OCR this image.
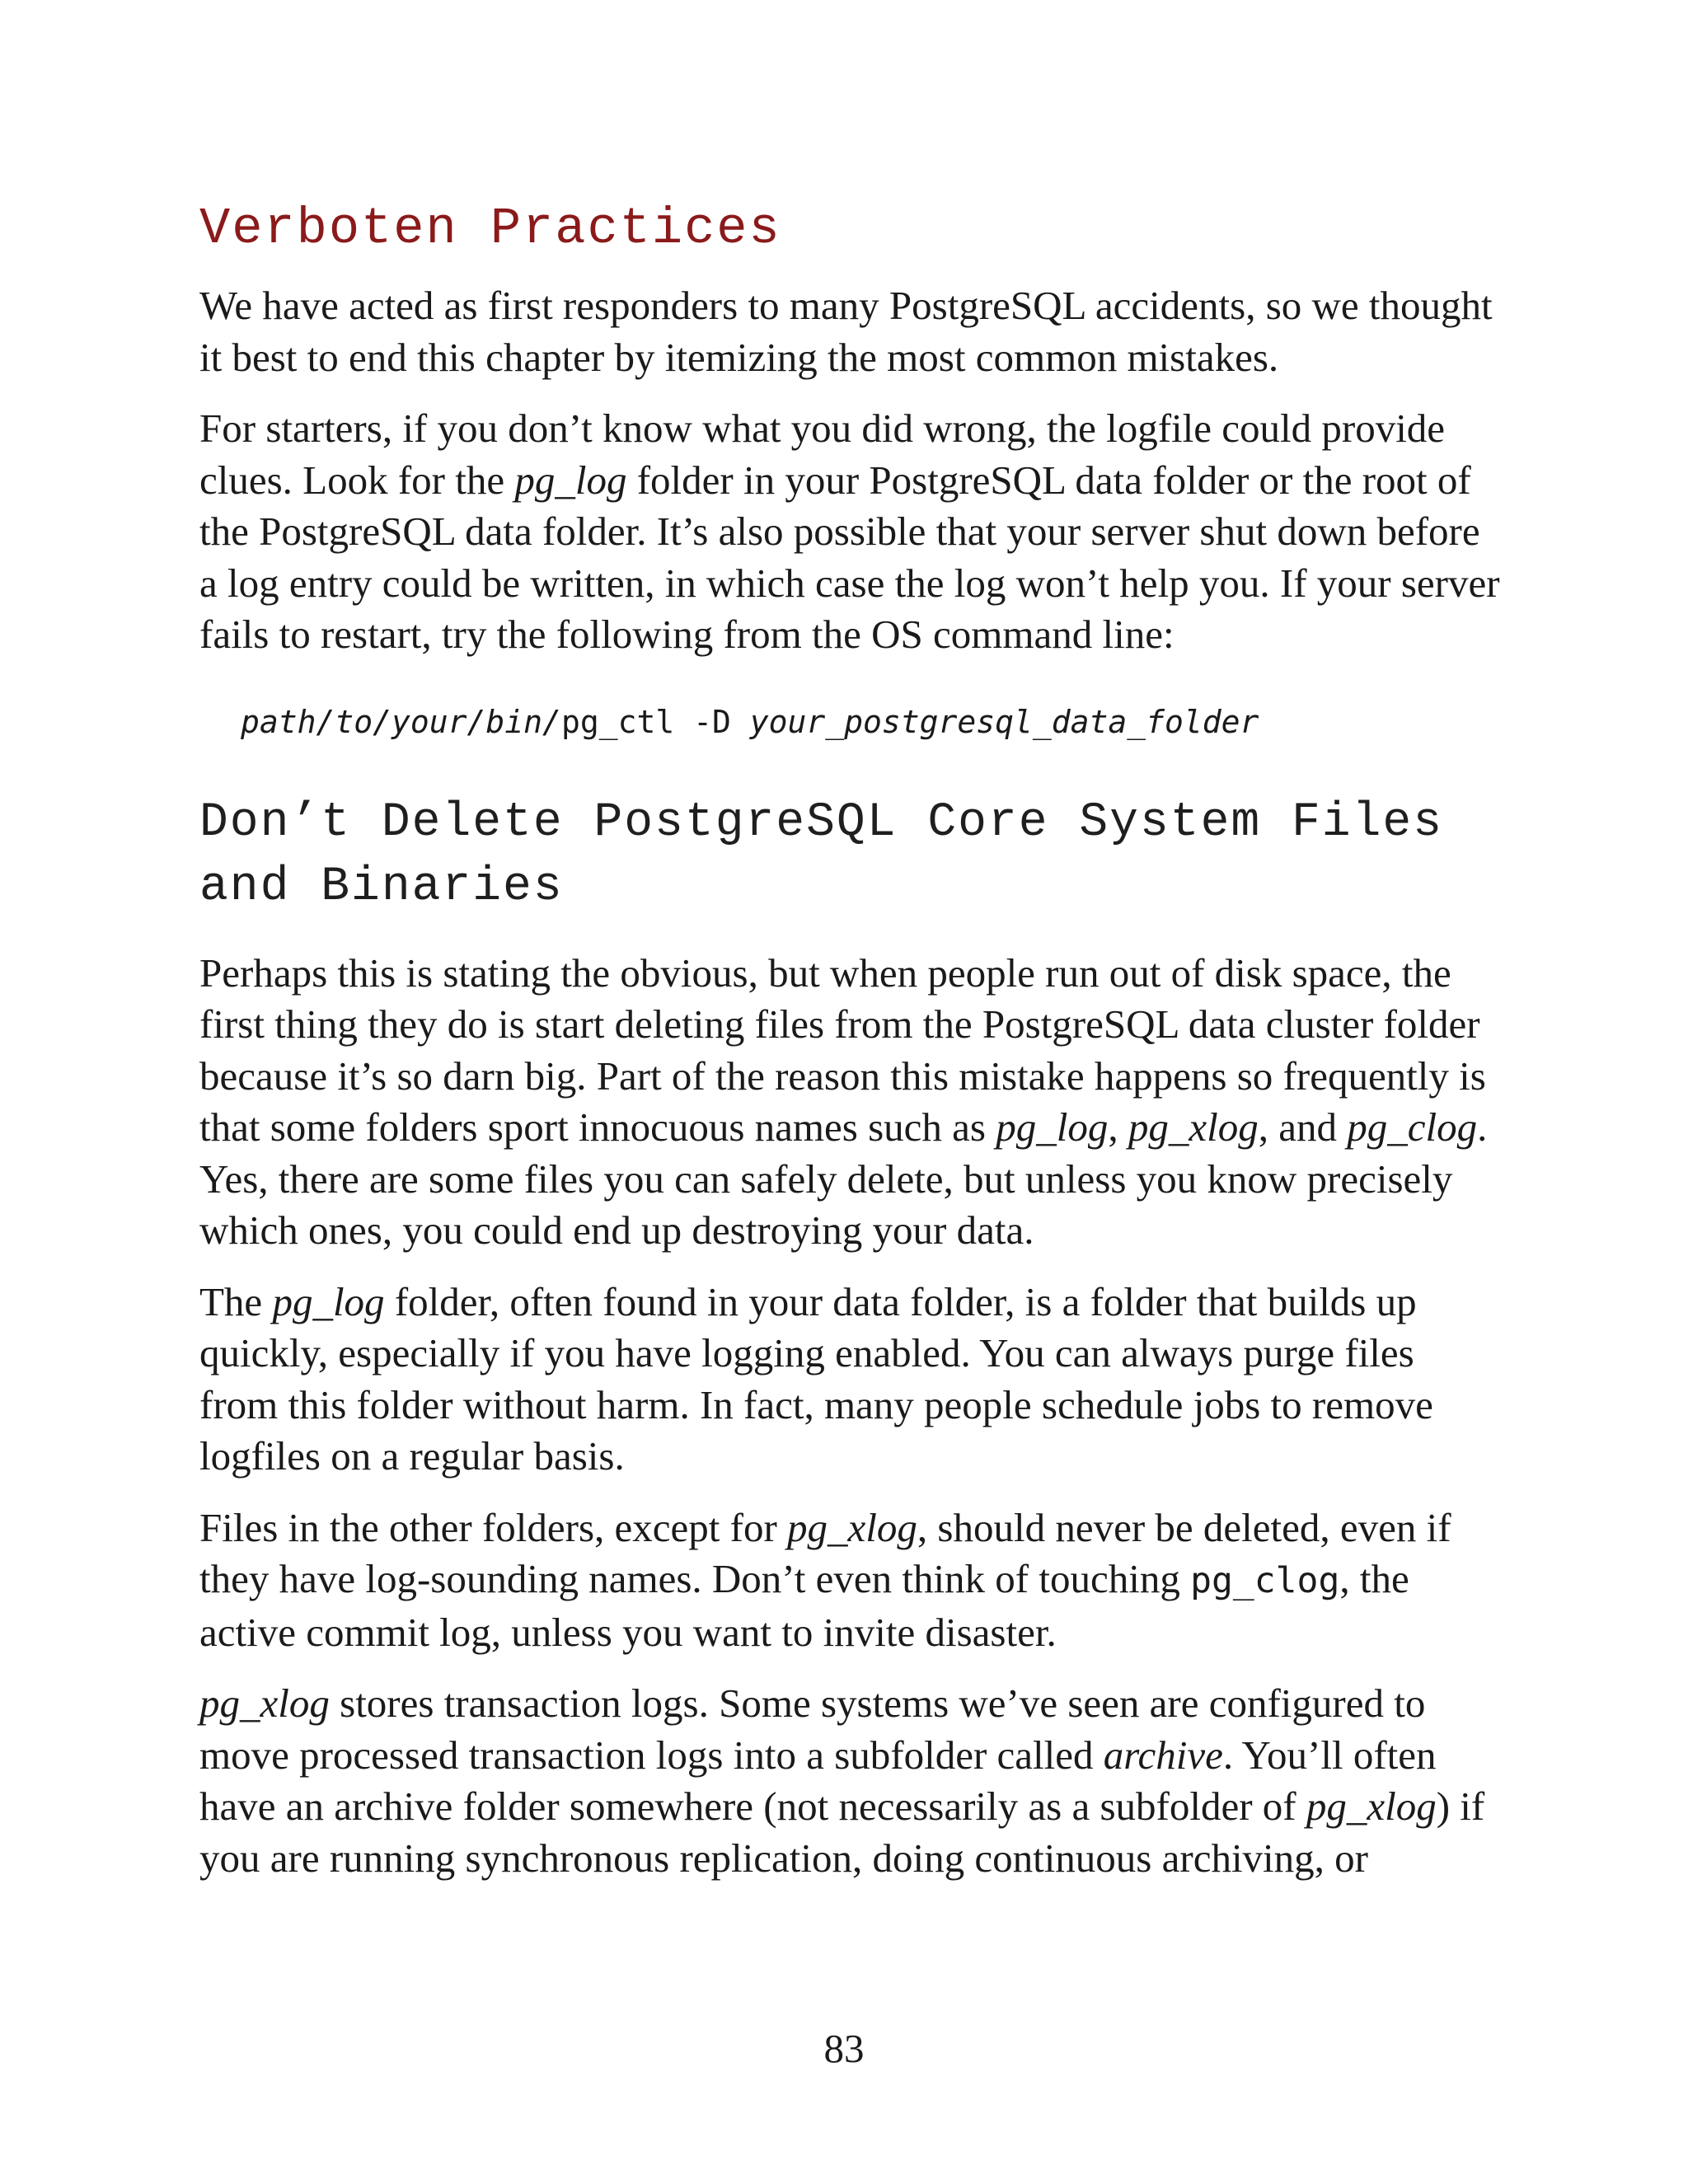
Verboten Practices

We have acted as first responders to many PostgreSQL accidents, so we thought it best to end this chapter by itemizing the most common mistakes.

For starters, if you don’t know what you did wrong, the logfile could provide clues. Look for the pg_log folder in your PostgreSQL data folder or the root of the PostgreSQL data folder. It’s also possible that your server shut down before a log entry could be written, in which case the log won’t help you. If your server fails to restart, try the following from the OS command line:

path/to/your/bin/pg_ctl -D your_postgresql_data_folder
Don’t Delete PostgreSQL Core System Files and Binaries

Perhaps this is stating the obvious, but when people run out of disk space, the first thing they do is start deleting files from the PostgreSQL data cluster folder because it’s so darn big. Part of the reason this mistake happens so frequently is that some folders sport innocuous names such as pg_log, pg_xlog, and pg_clog. Yes, there are some files you can safely delete, but unless you know precisely which ones, you could end up destroying your data.

The pg_log folder, often found in your data folder, is a folder that builds up quickly, especially if you have logging enabled. You can always purge files from this folder without harm. In fact, many people schedule jobs to remove logfiles on a regular basis.

Files in the other folders, except for pg_xlog, should never be deleted, even if they have log-sounding names. Don’t even think of touching pg_clog, the active commit log, unless you want to invite disaster.

pg_xlog stores transaction logs. Some systems we’ve seen are configured to move processed transaction logs into a subfolder called archive. You’ll often have an archive folder somewhere (not necessarily as a subfolder of pg_xlog) if you are running synchronous replication, doing continuous archiving, or

83
